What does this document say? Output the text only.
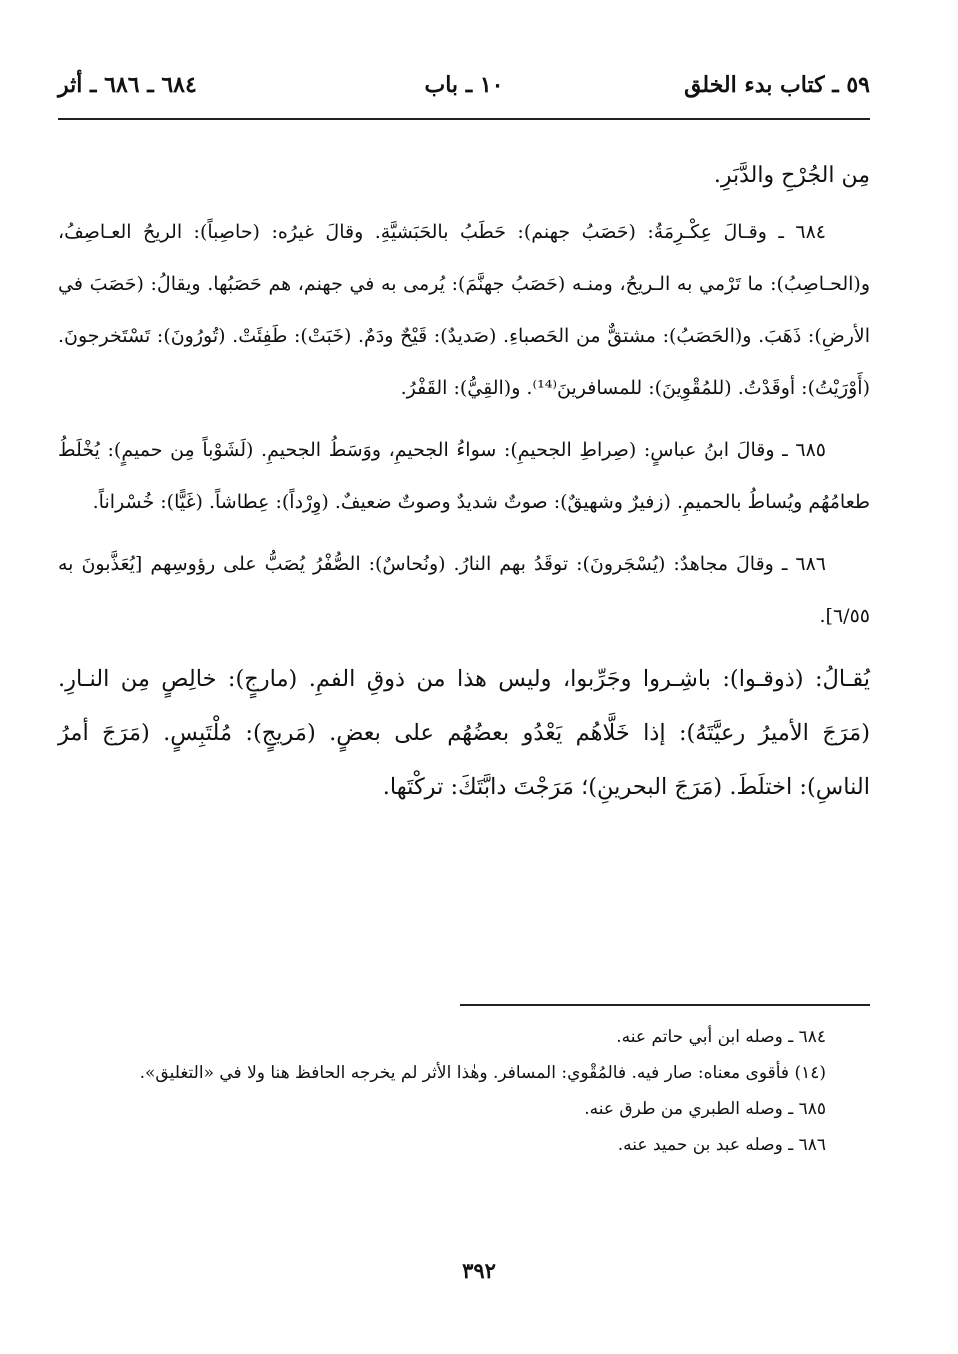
٥٩ ـ كتاب بدء الخلق
١٠ ـ باب
٦٨٤ ـ ٦٨٦ ـ أثر

مِن الجُرْحِ والدَّبَرِ.

٦٨٤ ـ وقـالَ عِكْـرِمَةُ: (حَصَبُ جهنم): حَطَبُ بالحَبَشيَّةِ. وقالَ غيرُه: (حاصِباً): الريحُ العـاصِفُ، و(الحـاصِبُ): ما تَرْمي به الـريحُ، ومنـه (حَصَبُ جهنَّمَ): يُرمى به في جهنم، هم حَصَبُها. ويقالُ: (حَصَبَ في الأرضِ): ذَهَبَ. و(الحَصَبُ): مشتقٌّ من الحَصباءِ. (صَديدٌ): قَيْحٌ ودَمٌ. (خَبَتْ): طَفِئَتْ. (تُورُونَ): تَسْتَخرجونَ. (أَوْرَيْتُ): أوقَدْتُ. (للمُقْوِينَ): للمسافرينَ⁽¹⁴⁾. و(القِيُّ): القَفْرُ.

٦٨٥ ـ وقالَ ابنُ عباسٍ: (صِراطِ الجحيمِ): سواءُ الجحيمِ، ووَسَطُ الجحيمِ. (لَشَوْباً مِن حميمٍ): يُخْلَطُ طعامُهُم ويُساطُ بالحميمِ. (زفيرٌ وشهيقٌ): صوتٌ شديدٌ وصوتٌ ضعيفٌ. (وِرْداً): عِطاشاً. (غَيًّا): خُسْراناً.

٦٨٦ ـ وقالَ مجاهدٌ: (يُسْجَرونَ): توقَدُ بهم النارُ. (ونُحاسٌ): الصُّفْرُ يُصَبُّ على رؤوسِهم [يُعَذَّبونَ به ٦/٥٥].

يُقـالُ: (ذوقـوا): باشِـروا وجَرِّبوا، وليس هذا من ذوقِ الفمِ. (مارجٍ): خالِصٍ مِن النـارِ. (مَرَجَ الأميرُ رعيَّتَهُ): إذا خَلَّاهُم يَعْدُو بعضُهُم على بعضٍ. (مَريجٍ): مُلْتَبِسٍ. (مَرَجَ أمرُ الناسِ): اختلَطَ. (مَرَجَ البحرينِ)؛ مَرَجْتَ دابَّتَكَ: تركْتَها.

٦٨٤ ـ وصله ابن أبي حاتم عنه.

(١٤) فأقوى معناه: صار فيه. فالمُقْوي: المسافر. وهٰذا الأثر لم يخرجه الحافظ هنا ولا في «التغليق».

٦٨٥ ـ وصله الطبري من طرق عنه.

٦٨٦ ـ وصله عبد بن حميد عنه.

٣٩٢
